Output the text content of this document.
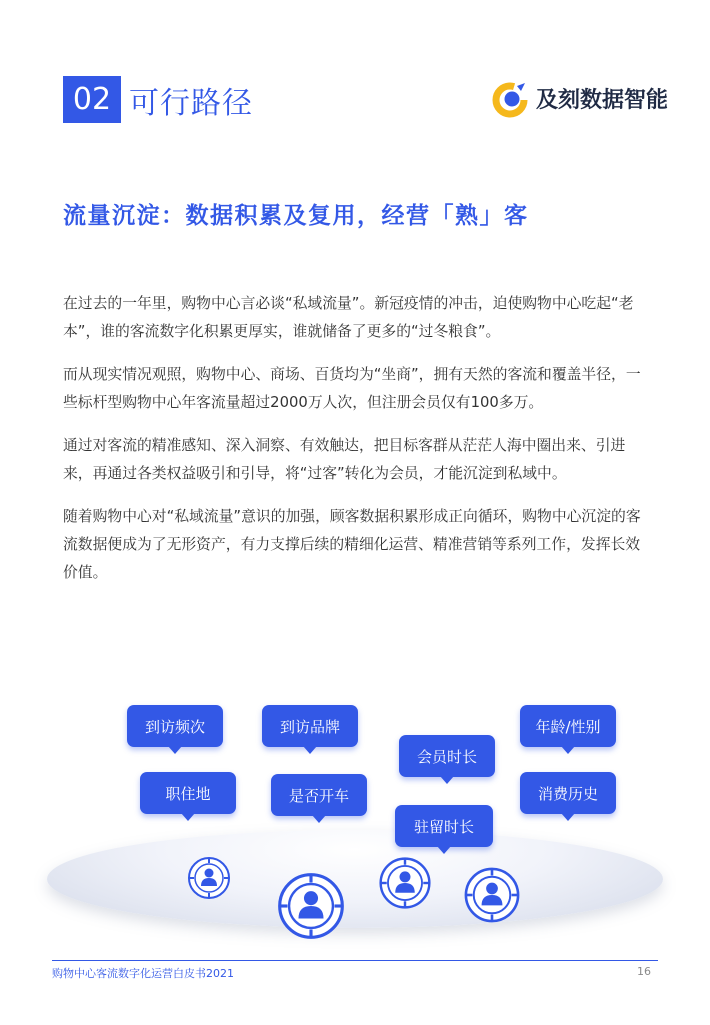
02 可行路径	及刻数据智能
流量沉淀：数据积累及复用，经营「熟」客

在过去的一年里，购物中心言必谈“私域流量”。新冠疫情的冲击，迫使购物中心吃起“老本”，谁的客流数字化积累更厚实，谁就储备了更多的“过冬粮食”。

而从现实情况观照，购物中心、商场、百货均为“坐商”，拥有天然的客流和覆盖半径，一些标杆型购物中心年客流量超过2000万人次，但注册会员仅有100多万。

通过对客流的精准感知、深入洞察、有效触达，把目标客群从茫茫人海中圈出来、引进来，再通过各类权益吸引和引导，将“过客”转化为会员，才能沉淀到私域中。

随着购物中心对“私域流量”意识的加强，顾客数据积累形成正向循环，购物中心沉淀的客流数据便成为了无形资产，有力支撑后续的精细化运营、精准营销等系列工作，发挥长效价值。

到访频次	到访品牌
会员时长
年龄/性别
职住地	是否开车
驻留时长
消费历史
购物中心客流数字化运营白皮书2021	16
